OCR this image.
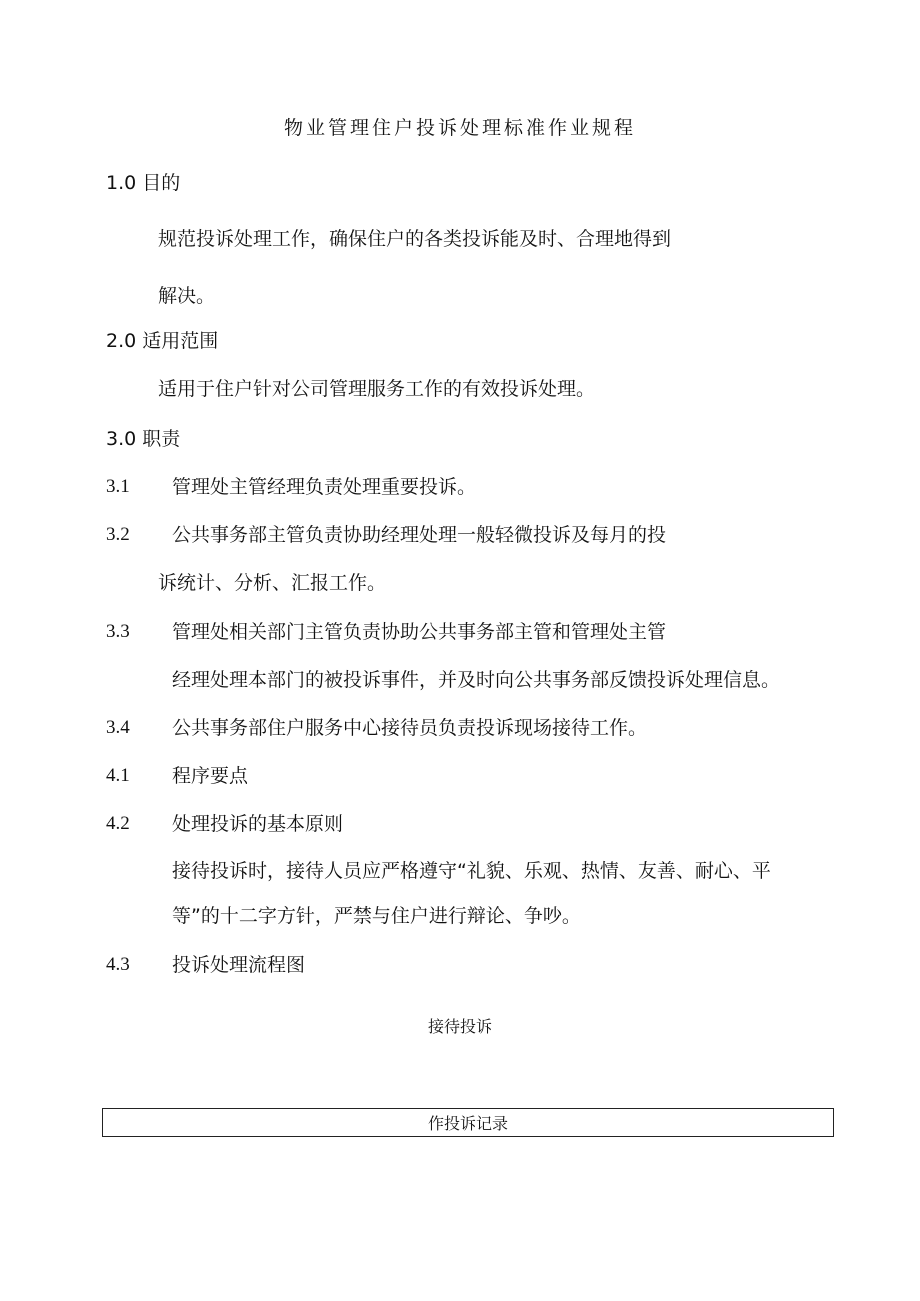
物业管理住户投诉处理标准作业规程
1.0 目的
规范投诉处理工作，确保住户的各类投诉能及时、合理地得到
解决。
2.0 适用范围
适用于住户针对公司管理服务工作的有效投诉处理。
3.0 职责
3.1 管理处主管经理负责处理重要投诉。
3.2 公共事务部主管负责协助经理处理一般轻微投诉及每月的投
诉统计、分析、汇报工作。
3.3 管理处相关部门主管负责协助公共事务部主管和管理处主管
经理处理本部门的被投诉事件，并及时向公共事务部反馈投诉处理信息。
3.4 公共事务部住户服务中心接待员负责投诉现场接待工作。
4.1 程序要点
4.2 处理投诉的基本原则
接待投诉时，接待人员应严格遵守“礼貌、乐观、热情、友善、耐心、平
等”的十二字方针，严禁与住户进行辩论、争吵。
4.3 投诉处理流程图
接待投诉
作投诉记录
